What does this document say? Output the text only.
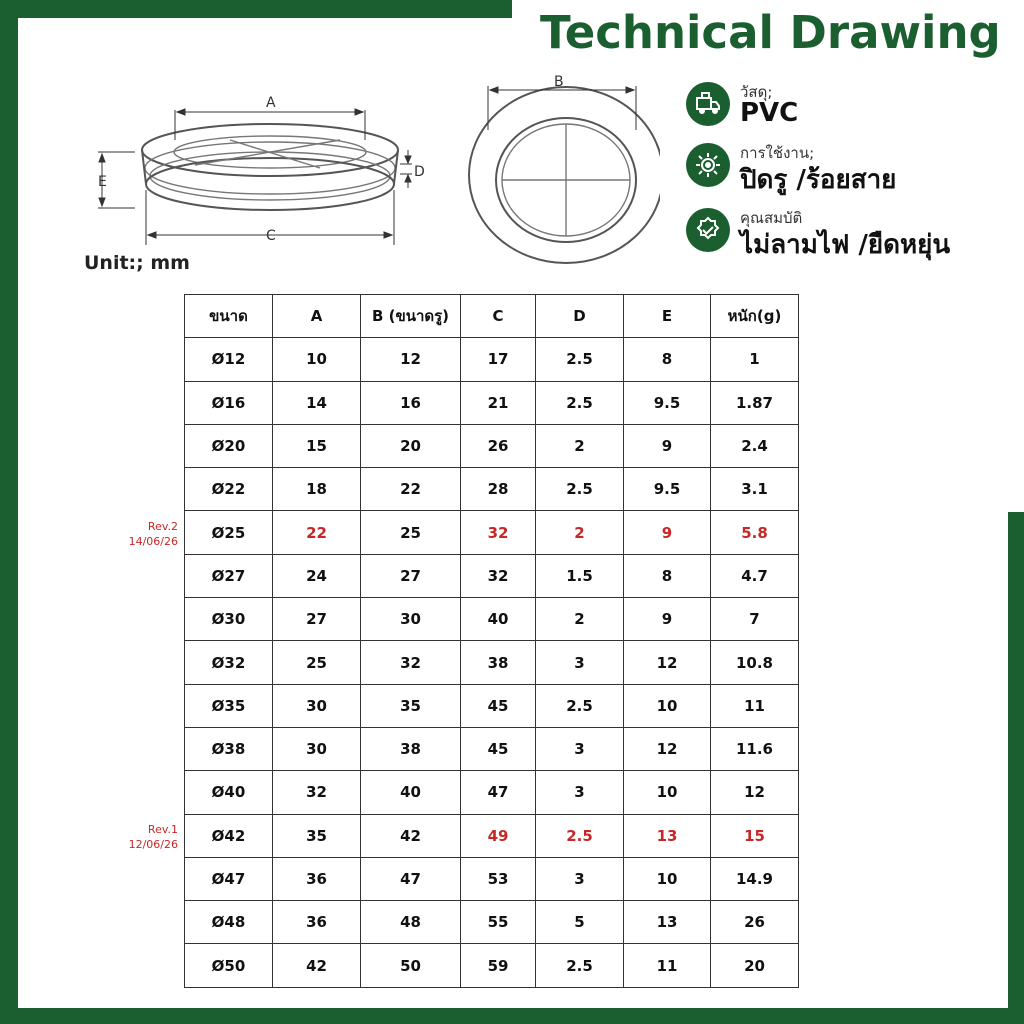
Technical Drawing
A
C
E
D
B
Unit:; mm
วัสดุ;
PVC
การใช้งาน;
ปิดรู /ร้อยสาย
คุณสมบัติ
ไม่ลามไฟ /ยืดหยุ่น
Rev.2
14/06/26
Rev.1
12/06/26
ขนาด	A	B (ขนาดรู)	C	D	E	หนัก(g)
Ø12	10	12	17	2.5	8	1
Ø16	14	16	21	2.5	9.5	1.87
Ø20	15	20	26	2	9	2.4
Ø22	18	22	28	2.5	9.5	3.1
Ø25	22	25	32	2	9	5.8
Ø27	24	27	32	1.5	8	4.7
Ø30	27	30	40	2	9	7
Ø32	25	32	38	3	12	10.8
Ø35	30	35	45	2.5	10	11
Ø38	30	38	45	3	12	11.6
Ø40	32	40	47	3	10	12
Ø42	35	42	49	2.5	13	15
Ø47	36	47	53	3	10	14.9
Ø48	36	48	55	5	13	26
Ø50	42	50	59	2.5	11	20
